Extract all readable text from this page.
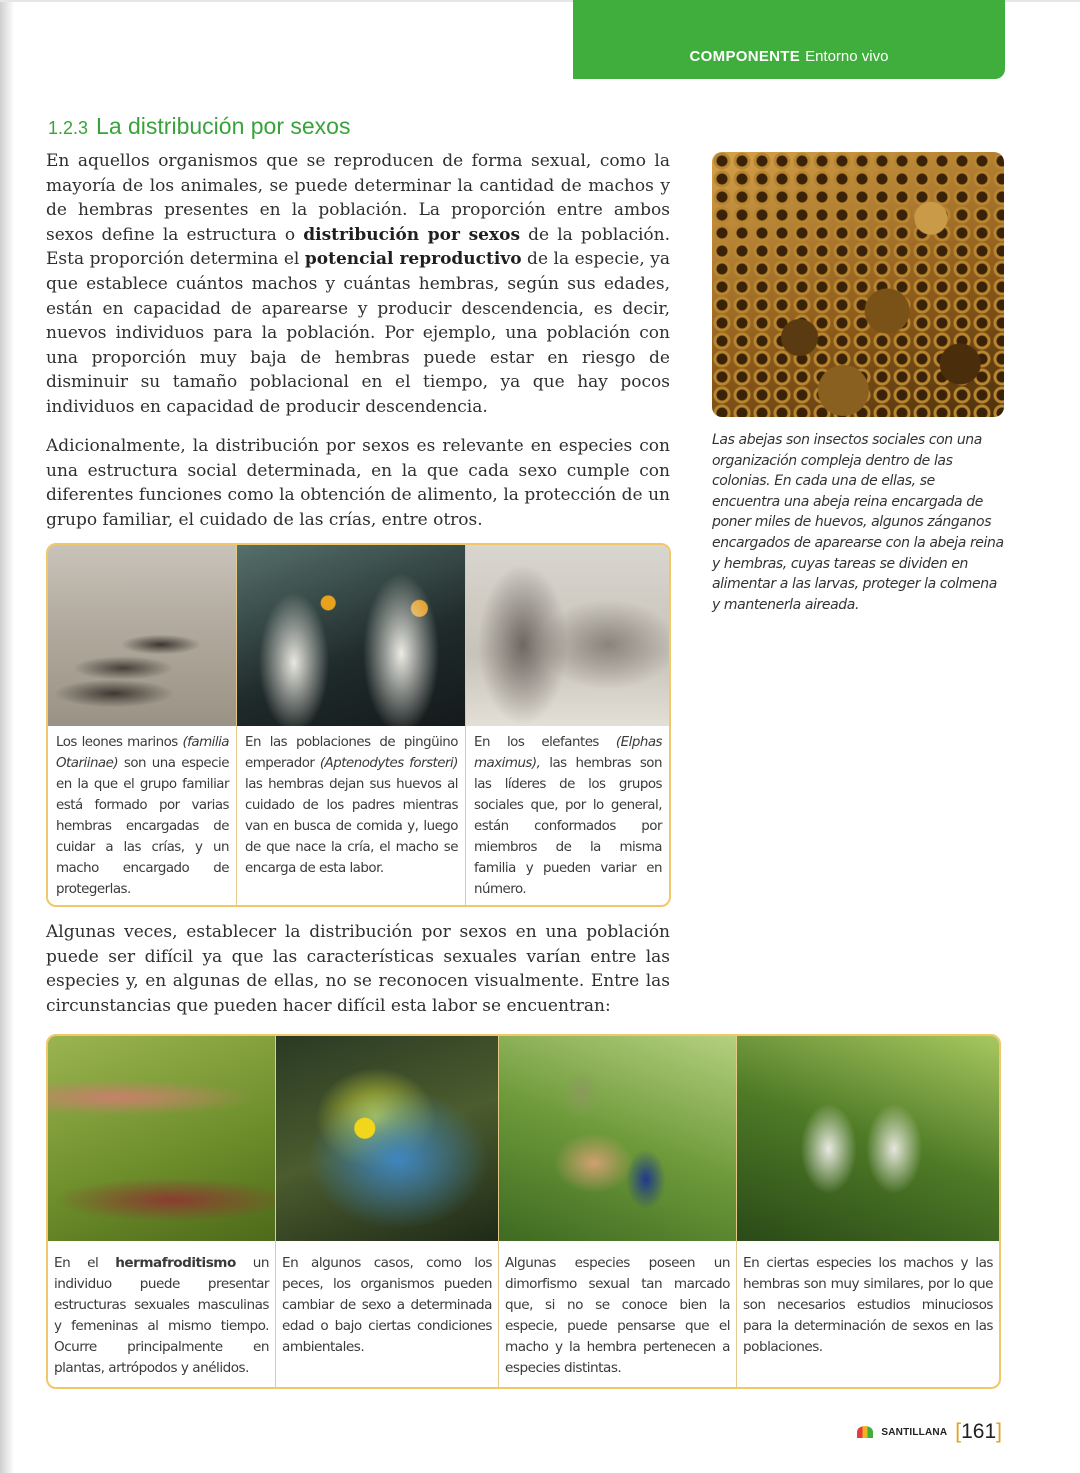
COMPONENTE Entorno vivo
1.2.3 La distribución por sexos

En aquellos organismos que se reproducen de forma sexual, como la mayoría de los animales, se puede determinar la cantidad de machos y de hembras presentes en la población. La proporción entre ambos sexos define la estructura o distribución por sexos de la población. Esta proporción determina el potencial reproductivo de la especie, ya que establece cuántos machos y cuántas hembras, según sus edades, están en capacidad de aparearse y producir descendencia, es decir, nuevos individuos para la población. Por ejemplo, una población con una proporción muy baja de hembras puede estar en riesgo de disminuir su tamaño poblacional en el tiempo, ya que hay pocos individuos en capacidad de producir descendencia.

Adicionalmente, la distribución por sexos es relevante en especies con una estructura social determinada, en la que cada sexo cumple con diferentes funciones como la obtención de alimento, la protección de un grupo familiar, el cuidado de las crías, entre otros.

Las abejas son insectos sociales con una organización compleja dentro de las colonias. En cada una de ellas, se encuentra una abeja reina encargada de poner miles de huevos, algunos zánganos encargados de aparearse con la abeja reina y hembras, cuyas tareas se dividen en alimentar a las larvas, proteger la colmena y mantenerla aireada.

Los leones marinos (familia Otariinae) son una especie en la que el grupo familiar está formado por varias hembras encargadas de cuidar a las crías, y un macho encargado de protegerlas.

En las poblaciones de pingüino emperador (Aptenodytes forsteri) las hembras dejan sus huevos al cuidado de los padres mientras van en busca de comida y, luego de que nace la cría, el macho se encarga de esta labor.

En los elefantes (Elphas maximus), las hembras son las líderes de los grupos sociales que, por lo general, están conformados por miembros de la misma familia y pueden variar en número.

Algunas veces, establecer la distribución por sexos en una población puede ser difícil ya que las características sexuales varían entre las especies y, en algunas de ellas, no se reconocen visualmente. Entre las circunstancias que pueden hacer difícil esta labor se encuentran:

En el hermafroditismo un individuo puede presentar estructuras sexuales masculinas y femeninas al mismo tiempo. Ocurre principalmente en plantas, artrópodos y anélidos.

En algunos casos, como los peces, los organismos pueden cambiar de sexo a determinada edad o bajo ciertas condiciones ambientales.

Algunas especies poseen un dimorfismo sexual tan marcado que, si no se conoce bien la especie, puede pensarse que el macho y la hembra pertenecen a especies distintas.

En ciertas especies los machos y las hembras son muy similares, por lo que son necesarios estudios minuciosos para la determinación de sexos en las poblaciones.

SANTILLANA [161]
